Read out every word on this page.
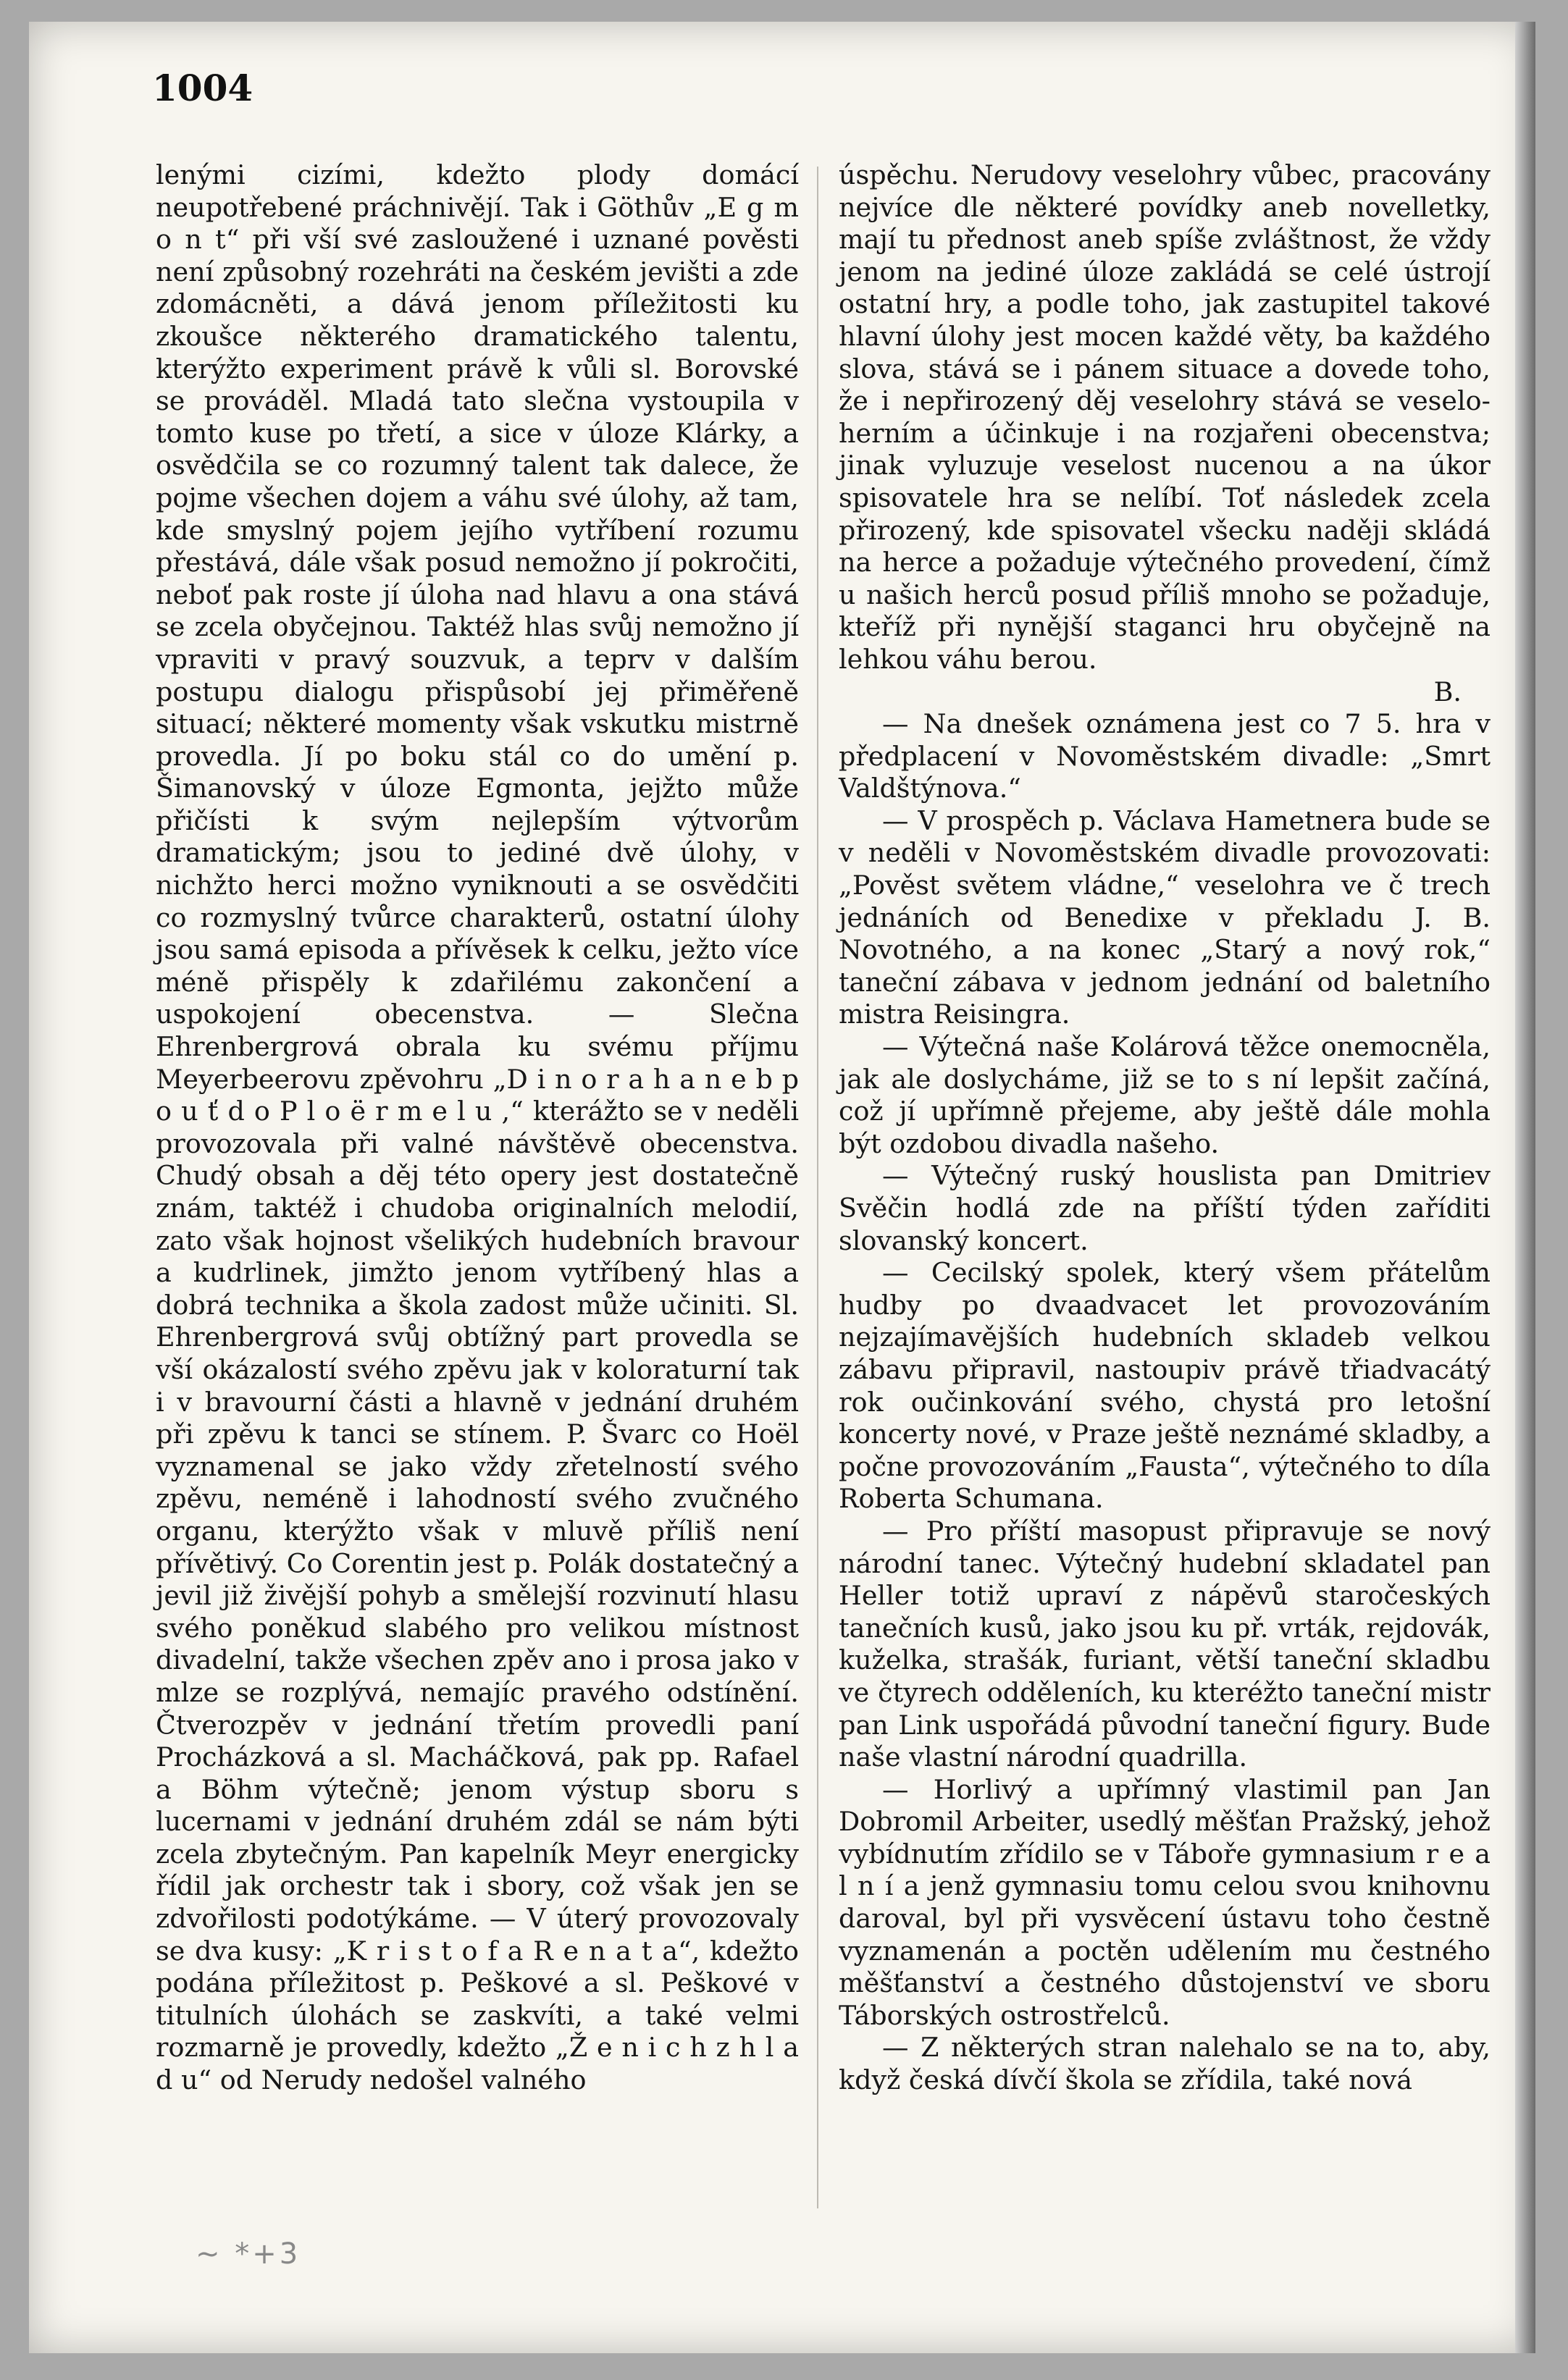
1004

lenými cizími, kdežto plody domácí neupotřebené práchnivějí. Tak i Göthův „E g m o n t“ při vší své zasloužené i uznané pověsti není způsobný rozehráti na českém jevišti a zde zdomácněti, a dává jenom příležitosti ku zkoušce některého dramatického talentu, kterýžto experiment právě k vůli sl. Borovské se prováděl. Mladá tato slečna vystoupila v tomto kuse po třetí, a sice v úloze Klárky, a osvědčila se co rozumný talent tak dalece, že pojme všechen dojem a váhu své úlohy, až tam, kde smyslný pojem jejího vytříbení rozumu přestává, dále však posud nemožno jí pokročiti, neboť pak roste jí úloha nad hlavu a ona stává se zcela obyčejnou. Taktéž hlas svůj nemožno jí vpraviti v pravý souzvuk, a teprv v dalším postupu dialogu přispůsobí jej přiměřeně situací; některé momenty však vskutku mistrně provedla. Jí po boku stál co do umění p. Šimanovský v úloze Egmonta, jejžto může přičísti k svým nejlepším výtvorům dramatickým; jsou to jediné dvě úlohy, v nichžto herci možno vyniknouti a se osvědčiti co rozmyslný tvůrce charakterů, ostatní úlohy jsou samá episoda a přívěsek k celku, ježto více méně přispěly k zdařilému zakončení a uspokojení obecenstva. — Slečna Ehrenbergrová obrala ku svému příjmu Meyerbeerovu zpěvohru „D i n o r a h a n e b p o u ť d o P l o ë r m e l u ,“ kterážto se v neděli provozovala při valné návštěvě obecenstva. Chudý obsah a děj této opery jest dostatečně znám, taktéž i chudoba originalních melodií, zato však hojnost všelikých hudebních bravour a kudrlinek, jimžto jenom vytříbený hlas a dobrá technika a škola zadost může učiniti. Sl. Ehrenbergrová svůj obtížný part provedla se vší okázalostí svého zpěvu jak v koloraturní tak i v bravourní části a hlavně v jednání druhém při zpěvu k tanci se stínem. P. Švarc co Hoël vyznamenal se jako vždy zřetelností svého zpěvu, neméně i lahodností svého zvučného organu, kterýžto však v mluvě příliš není přívětivý. Co Corentin jest p. Polák dostatečný a jevil již živější pohyb a smělejší rozvinutí hlasu svého poněkud slabého pro velikou místnost divadelní, takže všechen zpěv ano i prosa jako v mlze se rozplývá, nemajíc pravého odstínění. Čtverozpěv v jednání třetím provedli paní Procházková a sl. Macháčková, pak pp. Rafael a Böhm výtečně; jenom výstup sboru s lucernami v jednání druhém zdál se nám býti zcela zbytečným. Pan kapelník Meyr energicky řídil jak orchestr tak i sbory, což však jen se zdvořilosti podotýkáme. — V úterý provozovaly se dva kusy: „K r i s t o f a R e n a t a“, kdežto podána příležitost p. Peškové a sl. Peškové v titulních úlohách se zaskvíti, a také velmi rozmarně je provedly, kdežto „Ž e n i c h z h l a d u“ od Nerudy nedošel valného

úspěchu. Nerudovy veselohry vůbec, pracovány nejvíce dle některé povídky aneb novelletky, mají tu přednost aneb spíše zvláštnost, že vždy jenom na jediné úloze zakládá se celé ústrojí ostatní hry, a podle toho, jak zastupitel takové hlavní úlohy jest mocen každé věty, ba každého slova, stává se i pánem situace a dovede toho, že i nepřirozený děj veselohry stává se veseloherním a účinkuje i na rozjařeni obecenstva; jinak vyluzuje veselost nucenou a na úkor spisovatele hra se nelíbí. Toť následek zcela přirozený, kde spisovatel všecku naději skládá na herce a požaduje výtečného provedení, čímž u našich herců posud příliš mnoho se požaduje, kteříž při nynější staganci hru obyčejně na lehkou váhu berou.

B.

— Na dnešek oznámena jest co 7 5. hra v předplacení v Novoměstském divadle: „Smrt Valdštýnova.“

— V prospěch p. Václava Hametnera bude se v neděli v Novoměstském divadle provozovati: „Pověst světem vládne,“ veselohra ve č trech jednáních od Benedixe v překladu J. B. Novotného, a na konec „Starý a nový rok,“ taneční zábava v jednom jednání od baletního mistra Reisingra.

— Výtečná naše Kolárová těžce onemocněla, jak ale doslycháme, již se to s ní lepšit začíná, což jí upřímně přejeme, aby ještě dále mohla být ozdobou divadla našeho.

— Výtečný ruský houslista pan Dmitriev Svěčin hodlá zde na příští týden zaříditi slovanský koncert.

— Cecilský spolek, který všem přátelům hudby po dvaadvacet let provozováním nejzajímavějších hudebních skladeb velkou zábavu připravil, nastoupiv právě třiadvacátý rok oučinkování svého, chystá pro letošní koncerty nové, v Praze ještě neznámé skladby, a počne provozováním „Fausta“, výtečného to díla Roberta Schumana.

— Pro příští masopust připravuje se nový národní tanec. Výtečný hudební skladatel pan Heller totiž upraví z nápěvů staročeských tanečních kusů, jako jsou ku př. vrták, rejdovák, kuželka, strašák, furiant, větší taneční skladbu ve čtyrech odděleních, ku kteréžto taneční mistr pan Link uspořádá původní taneční figury. Bude naše vlastní národní quadrilla.

— Horlivý a upřímný vlastimil pan Jan Dobromil Arbeiter, usedlý měšťan Pražský, jehož vybídnutím zřídilo se v Táboře gymnasium r e a l n í a jenž gymnasiu tomu celou svou knihovnu daroval, byl při vysvěcení ústavu toho čestně vyznamenán a poctěn udělením mu čestného měšťanství a čestného důstojenství ve sboru Táborských ostrostřelců.

— Z některých stran nalehalo se na to, aby, když česká dívčí škola se zřídila, také nová

~ *+3
